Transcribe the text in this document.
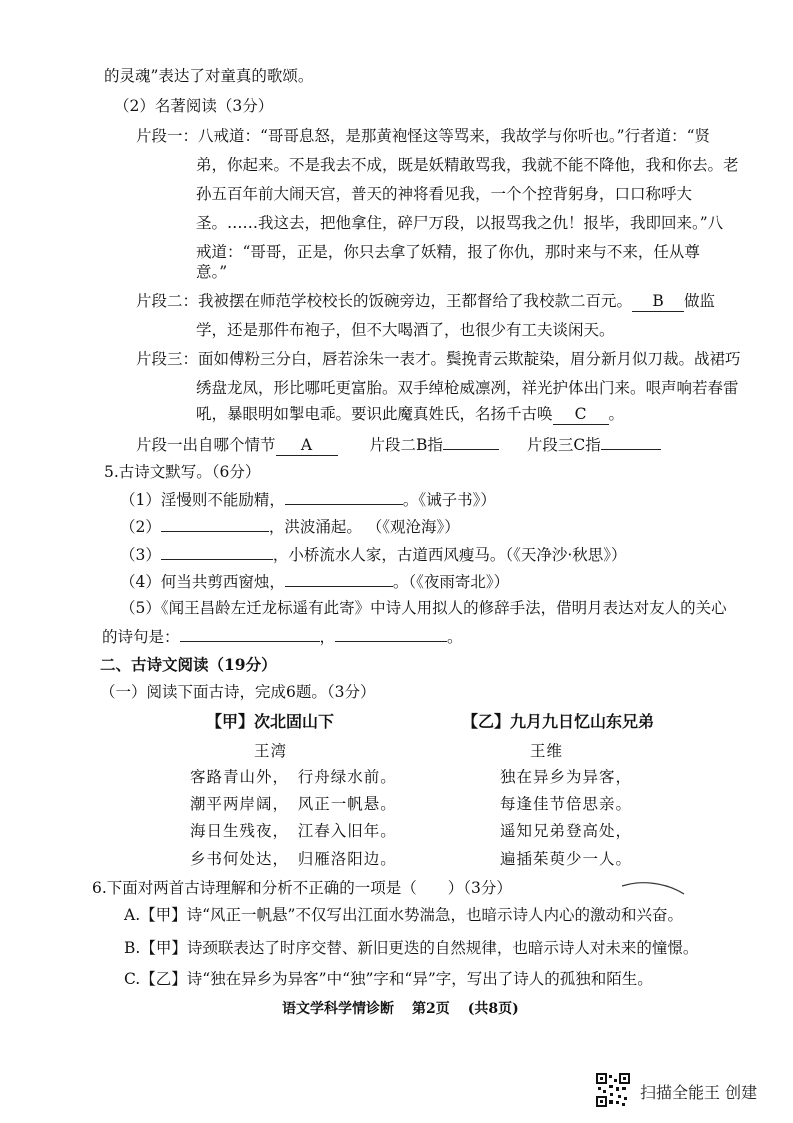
的灵魂”表达了对童真的歌颂。
（2）名著阅读（3分）
片段一：八戒道：“哥哥息怒，是那黄袍怪这等骂来，我故学与你听也。”行者道：“贤
弟，你起来。不是我去不成，既是妖精敢骂我，我就不能不降他，我和你去。老
孙五百年前大闹天宫，普天的神将看见我，一个个控背躬身，口口称呼大
圣。……我这去，把他拿住，碎尸万段，以报骂我之仇！报毕，我即回来。”八
戒道：“哥哥，正是，你只去拿了妖精，报了你仇，那时来与不来，任从尊
意。”
片段二：我被摆在师范学校校长的饭碗旁边，王都督给了我校款二百元。 B 做监
学，还是那件布袍子，但不大喝酒了，也很少有工夫谈闲天。
片段三：面如傅粉三分白，唇若涂朱一表才。鬓挽青云欺靛染，眉分新月似刀裁。战裙巧
绣盘龙凤，形比哪吒更富胎。双手绰枪威凛冽，祥光护体出门来。哏声响若春雷
吼，暴眼明如掣电乖。要识此魔真姓氏，名扬千古唤 C 。
片段一出自哪个情节 A	片段二B指	片段三C指
5.古诗文默写。（6分）
（1）淫慢则不能励精，	。《诫子书》）
（2）	，洪波涌起。 （《观沧海》）
（3）	，小桥流水人家，古道西风瘦马。（《天净沙·秋思》）
（4）何当共剪西窗烛，	。（《夜雨寄北》）
（5）《闻王昌龄左迁龙标遥有此寄》中诗人用拟人的修辞手法，借明月表达对友人的关心
的诗句是：	，	。
二、古诗文阅读（19分）
（一）阅读下面古诗，完成6题。（3分）
【甲】次北固山下
王湾
客路青山外，　行舟绿水前。
潮平两岸阔，　风正一帆悬。
海日生残夜，　江春入旧年。
乡书何处达，　归雁洛阳边。
【乙】九月九日忆山东兄弟
王维
独在异乡为异客，
每逢佳节倍思亲。
遥知兄弟登高处，
遍插茱萸少一人。
6.下面对两首古诗理解和分析不正确的一项是（　　）（3分）
A.【甲】诗“风正一帆悬”不仅写出江面水势湍急，也暗示诗人内心的激动和兴奋。
B.【甲】诗颈联表达了时序交替、新旧更迭的自然规律，也暗示诗人对未来的憧憬。
C.【乙】诗“独在异乡为异客”中“独”字和“异”字，写出了诗人的孤独和陌生。
语文学科学情诊断 第2页 (共8页)
扫描全能王 创建
